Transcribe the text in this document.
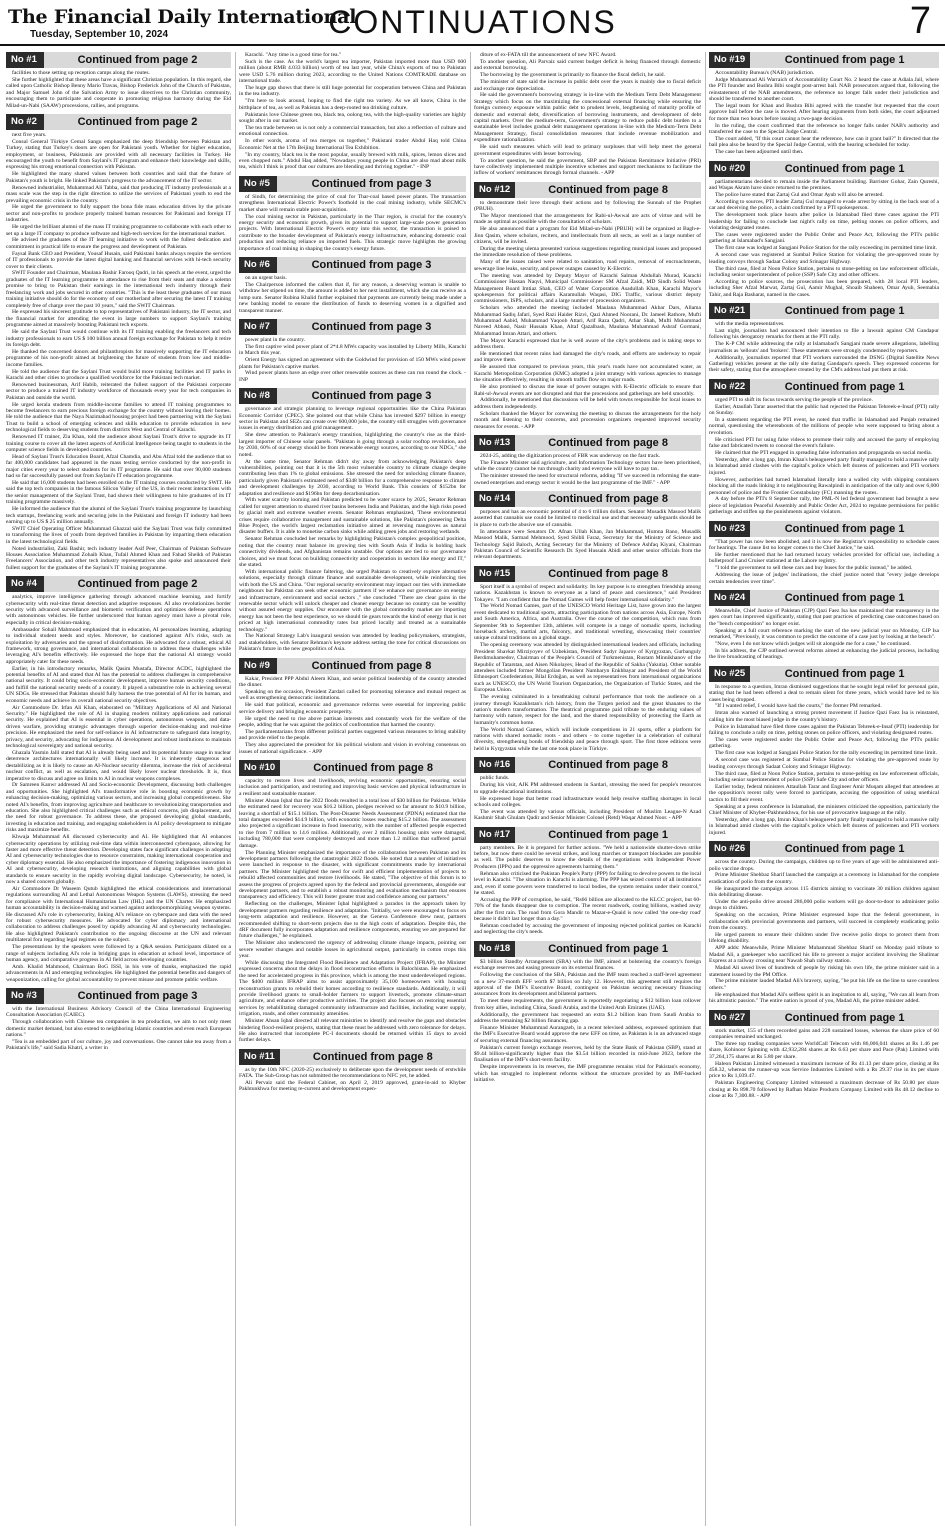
The Financial Daily International
Tuesday, September 10, 2024	CONTINUATIONS	7
No #1	Continued from page 2

facilities to those setting up reception camps along the routes.

She further highlighted that these areas have a significant Christian population. In this regard, she called upon Catholic Bishop Benny Mario Travas, Bishop Frederick John of the Church of Pakistan, and Major Samuel John of the Salvation Army to issue directives to the Christian community, encouraging them to participate and cooperate in promoting religious harmony during the Eid Milad-un-Nabi (SAAW) processions, rallies, and programs.

No #2	Continued from page 2

next five years.

Consul General Türkiye Cemal Sangu emphasized the deep friendship between Pakistan and Turkey, stating that Turkey's doors are open for Pakistani youth. Whether for higher education, employment, or business, Pakistanis are provided with all necessary facilities in Turkey. He encouraged the youth to benefit from Saylani's IT program and enhance their knowledge and skills, expressing his strong emotional connection with Pakistan.

He highlighted the many shared values between both countries and said that the future of Pakistan's youth is bright. He linked Pakistan's progress to the advancement of the IT sector.

Renowned industrialist, Muhammad Ali Tabba, said that producing IT industry professionals at a mass scale was the step in the right direction to utilize the services of Pakistani youth to end the prevailing economic crisis in the country.

He urged the government to fully support the bona fide mass education drives by the private sector and non-profits to produce properly trained human resources for Pakistani and foreign IT industries.

He urged the brilliant alumni of the mass IT training programme to collaborate with each other to set up a large IT company to produce software and high-tech services for the international market.

He advised the graduates of the IT learning initiative to work with the fullest dedication and commitment in practical life to ensure the progress and development of Pakistan.

Faysal Bank CEO and President, Yousaf Husain, said Pakistani banks always require the services of IT professionals to provide the latest digital banking and financial services with hi-tech security cover to their clients.

SWIT Founder and Chairman, Maulana Bashir Farooq Qadri, in his speech at the event, urged the graduates of the IT learning programme to attendance to rise from their seats and make a solemn promise to bring to Pakistan their earnings in the international tech industry through their freelancing work and jobs secured in other countries. "This is the least these graduates of our mass training initiative should do for the economy of our motherland after securing the latest IT training completely free of charge over the past 10 years," said the SWIT Chairman.

He expressed his sincerest gratitude to top representatives of Pakistani industry, the IT sector, and the financial market for attending the event in large numbers to support Saylani's training programme aimed at massively boosting Pakistani tech exports.

He said the Saylani Trust would continue with its IT training enabling the freelancers and tech industry professionals to earn US $ 100 billion annual foreign exchange for Pakistan to help it retire its foreign debt.

He thanked the concerned donors and philanthropists for massively supporting the IT education programme of his non-profit aimed at brightening the future of students from low and middle-income families.

He told the audience that the Saylani Trust would build more training facilities and IT parks in Karachi and other cities to produce a qualified workforce for the Pakistani tech market.

Renowned businessman, Arif Habib, reiterated the fullest support of the Pakistani corporate sector to produce a trained IT industry workforce of thousands every year for tech companies in Pakistan and outside the world.

He urged kerala students from middle-income families to attend IT training programmes to become freelancers to earn precious foreign exchange for the country without leaving their homes. He told the audience that the Naya Nazimabad housing project had been partnering with the Saylani Trust to build a school of emerging sciences and skills education to provide education in new technological fields to deserving students from districts West and Central of Karachi.

Renowned IT trainer, Zia Khan, told the audience about Saylani Trust's drive to upgrade its IT training course to cover all the latest aspects of Artificial Intelligence being taught to students in the computer science fields in developed countries.

Head of Saylani Trust's Education Board, Afzal Chamdia, and Abu Afzal told the audience that so far 400,000 candidates had appeared in the mass testing service conducted by the non-profit in major cities every year to select students for its IT programme. He said that over 90,000 students had so far successfully passed out from Saylani's IT education programme.

He said that 16,000 students had been enrolled on the IT training courses conducted by SWIT. He said the top tech companies in the famous Silicon Valley of the US, in their recent interactions with the senior management of the Saylani Trust, had shown their willingness to hire graduates of its IT training programme massively.

He informed the audience that the alumni of the Saylani Trust's training programme by launching tech startups, freelancing work and securing jobs in the Pakistani and foreign IT industry had been earning up to US $ 25 million annually.

SWIT Chief Operating Officer Muhammad Ghazzal said the Saylani Trust was fully committed to transforming the lives of youth from deprived families in Pakistan by imparting them education in the latest technological fields.

Noted industrialist, Zaki Bashir, tech industry leader Asif Peer, Chairman of Pakistan Software Houses Association Muhammad Zohaib Khan, Tufail Ahmed Khan and Fahad Sheikh of Pakistan Freelancers' Association, and other tech industry representatives also spoke and announced their fullest support for the graduates of the Saylani's IT training programme.

No #4	Continued from page 2

analytics, improve intelligence gathering through advanced machine learning, and fortify cybersecurity with real-time threat detection and adaptive responses. AI also revolutionizes border security with advanced surveillance and biometric verification and optimizes defense operations with autonomous vehicles. He further underscored that human agency must have a pivotal role, especially in critical decision-making.

Ambassador Sohail Mahmood emphasized that in education, AI personalizes learning, adapting to individual student needs and styles. Moreover, he cautioned against AI's risks, such as exploitation by adversaries and the spread of disinformation. He advocated for a robust, ethical AI framework, strong governance, and international collaboration to address these challenges while leveraging AI's benefits effectively. He expressed the hope that the national AI strategy would appropriately cater for these needs.

Earlier, in his introductory remarks, Malik Qasim Mustafa, Director ACDC, highlighted the potential benefits of AI and stated that AI has the potential to address challenges in comprehensive national security. It could bring socio-economic development, improve human security conditions, and fulfill the national security needs of a country. It played a substantive role in achieving several UN SDGs. He stressed that Pakistan should fully harness the true potential of AI for its human, and economic needs and achieve its overall national security objectives.

Air Commodore Dr. Irfan Ali Khan, elaborated on "Military Applications of AI and National Security." He highlighted the role of AI in shaping modern military applications and national security. He explained that AI is essential in cyber operations, autonomous weapons, and data-driven warfare, providing strategic advantages through superior decision-making and real-time precision. He emphasized the need for self-reliance in AI infrastructure to safeguard data integrity, privacy, and security, advocating for indigenous AI development and robust institutions to maintain technological sovereignty and national security.

Ghazala Yasmin Jalil stated that AI is already being used and its potential future usage in nuclear deterrence architectures internationally will likely increase. It is inherently dangerous and destabilizing as it is likely to cause an AI-Nuclear security dilemma, increase the risk of accidental nuclear conflict, as well as escalation, and would likely lower nuclear thresholds. It is, thus imperative to discuss and agree on limits to AI in nuclear weapons complexes.

Dr Samreen Kanwr addressed AI and Socio-economic Development, discussing both challenges and opportunities. She highlighted AI's transformative role in boosting economic growth by enhancing decision-making, optimizing various sectors, and increasing global competitiveness. She noted AI's benefits, from improving agriculture and healthcare to revolutionizing transportation and education. She also highlighted critical challenges such as ethical concerns, job displacement, and the need for robust governance. To address these, she proposed developing global standards, investing in education and training, and engaging stakeholders in AI policy development to mitigate risks and maximize benefits.

Khwaja Muhammad Ali discussed cybersecurity and AI. He highlighted that AI enhances cybersecurity operations by utilizing real-time data within interconnected cyberspace, allowing for faster and more effective threat detection. Developing states face significant challenges in adopting AI and cybersecurity technologies due to resource constraints, making international cooperation and cyber diplomacy essential. He also emphasized the importance of fostering indigenous innovation in AI and cybersecurity, developing research institutions, and aligning capabilities with global standards to ensure security in the rapidly evolving digital landscape. Cybersecurity, he noted, is now a shared concern globally.

Air Commodore Dr Waseem Qutub highlighted the ethical considerations and international regulations surrounding AI and Lethal Autonomous Weapon Systems (LAWS), stressing the need for compliance with International Humanitarian Law (IHL) and the UN Charter. He emphasized human accountability in decision-making and warned against anthropomorphizing weapon systems. He discussed AI's role in cybersecurity, linking AI's reliance on cyberspace and data with the need for robust cybersecurity measures. He advocated for cyber diplomacy and international collaboration to address challenges posed by rapidly advancing AI and cybersecurity technologies. He also highlighted Pakistan's contribution to the ongoing discourse at the UN and relevant multilateral fora regarding legal regimes on the subject.

The presentations by the speakers were followed by a Q&A session. Participants dilated on a range of subjects including AI's role in bridging gaps in education at school level, importance of human agency, and comparative progress in AI field across developing countries.

Amb. Khalid Mahmood, Chairman BoG ISSI, in his vote of thanks, emphasized the rapid advancements in AI and emerging technologies. He highlighted the potential benefits and dangers of weaponization, calling for global accountability to prevent misuse and promote public welfare.

No #3	Continued from page 3

with the International Business Advisory Council of the China International Engineering Consultation Association (CAIEC).

Through collaboration with Chinese tea companies in tea production, we aim to not only meet domestic market demand, but also extend to neighboring Islamic countries and even reach European nations."

"Tea is an embedded part of our culture, joy and conversations. One cannot take tea away from a Pakistani's life," said Sadia Khatri, a writer in

Karachi. "Any time is a good time for tea."

Such is the case. As the world's largest tea importer, Pakistan imported more than USD 600 million (about RMB 4.033 billion) worth of tea last year, while China's exports of tea to Pakistan were USD 5.76 million during 2023, according to the United Nations COMTRADE database on international trade.

The huge gap shows that there is still huge potential for cooperation between China and Pakistan in the tea industry.

"I'm here to look around, hoping to find the right tea variety. As we all know, China is the birthplace of tea, as well as Pakistan has a deep-rooted tea drinking culture.

Pakistanis love Chinese green tea, black tea, oolong tea, with the high-quality varieties are highly sought after in our market.

The tea trade between us is not only a commercial transaction, but also a reflection of culture and emotional connection.

In other words, aroma of tea merges us together," Pakistani trader Abdul Haq told China Economic Net at the 17th Beijing International Tea Exhibition.

"In my country, black tea is the most popular, usually brewed with milk, spices, lemon slices and even chopped nuts." Abdul Haq added, "Nowadays young people in China are also mad about milk tea, which I think is proof that our cultures are blending and thriving together." - INP

No #5	Continued from page 3

of Sindh, for determining the price of coal for Thar-coal based power plants. The transaction strengthens International Electric Power's foothold in the coal mining industry, while SECMC's market share will remain stable post-acquisition.

The coal mining sector in Pakistan, particularly in the Thar region, is crucial for the country's energy security and economic growth, given its potential to support large-scale power generation projects. With International Electric Power's entry into this sector, the transaction is poised to contribute to the broader development of Pakistan's energy infrastructure, enhancing domestic coal production and reducing reliance on imported fuels. This strategic move highlights the growing importance of coal mining in shaping the country's energy future.

No #6	Continued from page 3

on an urgent basis.

The Chairperson informed the callers that if, for any reason, a deserving woman is unable to withdraw her stipend on time, the amount is added to her next installment, which she can receive as a lump sum. Senator Rubina Khalid further explained that payments are currently being made under a new banking model to ensure the distribution of funds to deserving women in a dignified and transparent manner.

No #7	Continued from page 3

power plant in the country.

The first captive wind power plant of 2*4.8 MWs capacity was installed by Liberty Mills, Karachi in March this year.

Orient Energy has signed an agreement with the Goldwind for provision of 150 MWs wind power plants for Pakistan's captive market.

Wind power plants have an edge over other renewable sources as these can run round the clock. - INP

No #8	Continued from page 3

governance and strategic planning to leverage regional opportunities like the China Pakistan Economic Corridor (CPEC). She pointed out that while China has invested $297 billion in energy sector in Pakistan and SEZs can create over 600,000 jobs, the country still struggles with governance issues in energy distribution and grid management.

She drew attention to Pakistan's energy transition, highlighting the country's rise as the third-largest importer of Chinese solar panels. "Pakistan is going through a solar rooftop revolution, and by 2030, 60% of our energy should be from renewable energy sources, according to our NDCs," she noted.

At the same time, Senator Rehman didn't shy away from acknowledging Pakistan's deep vulnerabilities, pointing out that it is the 5th most vulnerable country to climate change despite contributing less than 1% to global emissions. She stressed the need for unlocking climate finance, particularly given Pakistan's estimated need of $348 billion for a comprehensive response to climate and development challenges by 2030, according to World Bank. This consists of $152bn for adaptation and resilience and $196bn for deep decarbonisation.

With water scarcity looming and Pakistan predicted to be water scarce by 2025, Senator Rehman called for urgent attention to shared river basins between India and Pakistan, and the high risks posed by glacial melt and extreme weather events. Senator Rehman emphasized, 'These environmental crises require collaborative management and sustainable solutions, like Pakistan's pioneering Delta Blue Project, the world's largest reclamation initiative aimed at reversing mangroves as natural disaster buffers. It is able to monetise carbon sinks while adding green jobs and restoring wetlands.

Senator Rehman concluded her remarks by highlighting Pakistan's complex geopolitical position, noting that the country must balance its growing ties with South Asia if India is holding back connectivity dividends, and Afghanistan remains unstable. Our options are tied to our governance choices, and we must focus on building connectivity and cooperation in sectors like energy and IT," she stated.

With international public finance faltering, she urged Pakistan to creatively explore alternative solutions, especially through climate finance and sustainable development, while reinforcing ties with both the US and China. "Our regional security environment may impact our ties with immediate neighbours but Pakistan can seek other economic partners if we enhance our governance on energy and infrastructure, environment and social sectors ," she concluded "There are clear gains in the renewable sector which will unlock cheaper and cleaner energy because no country can be wealthy without assured energy supplies. Our encounter with the global commodity market are importing energy has not been the best experience, so we should tie gears towards the kind of energy that is not priced at high international commodity rates but priced locally and treated as a sustainable technology."

The National Strategy Lab's inaugural session was attended by leading policymakers, strategists, and stakeholders, with Senator Rehman's keynote address setting the tone for critical discussions on Pakistan's future in the new geopolitics of Asia.

No #9	Continued from page 8

Kakar, President PPP Abdul Aleem Khan, and senior political leadership of the country attended the dinner.

Speaking on the occasion, President Zardari called for promoting tolerance and mutual respect as well as strengthening democratic institutions.

He said that political, economic and governance reforms were essential for improving public service delivery and bringing economic prosperity.

He urged the need to rise above partisan interests and constantly work for the welfare of the people, adding that he was against the politics of confrontation that harmed the country.

The parliamentarians from different political parties suggested various measures to bring stability and provide relief to the people.

They also appreciated the president for his political wisdom and vision in evolving consensus on issues of national significance. - APP

No #10	Continued from page 8

capacity to restore lives and livelihoods, reviving economic opportunities, ensuring social inclusion and participation, and restoring and improving basic services and physical infrastructure in a resilient and sustainable manner.

Minister Ahsan Iqbal that the 2022 floods resulted in a total loss of $30 billion for Pakistan. While the estimated need for recovery was $16.2 billion, pledges received so far amount to $10.9 billion, leaving a shortfall of $15.1 billion. The Post-Disaster Needs Assessment (PDNA) estimated that the total damages exceeded $14.9 billion, with economic losses reaching $15.2 billion. The assessment also projected a significant increase in food insecurity, with the number of affected people expected to rise from 7 million to 14.6 million. Additionally, over 2 million housing units were damaged, including 780,000 that were completely destroyed and more than 1.2 million that suffered partial damage.

The Planning Minister emphasized the importance of the collaboration between Pakistan and its development partners following the catastrophic 2022 floods. He noted that a number of initiatives were launched in response to the disaster, with significant commitments made by international partners. The Minister highlighted the need for swift and efficient implementation of projects to rebuild affected communities and restore livelihoods. He stated, "The objective of this forum is to assess the progress of projects agreed upon by the federal and provincial governments, alongside our development partners, and to establish a robust monitoring and evaluation mechanism that ensures transparency and efficiency. This will foster greater trust and confidence among our partners."

Reflecting on the challenges, Minister Iqbal highlighted a paradox in the approach taken by development partners regarding resilience and adaptation. "Initially, we were encouraged to focus on long-term adaptation and resilience. However, as the Geneva Conference drew near, partners recommended shifting to short-term projects due to the high costs of adaptation. Despite this, the 4RF document fully incorporates adaptation and resilience components, ensuring we are prepared for future challenges," he explained.

The Minister also underscored the urgency of addressing climate change impacts, pointing out severe weather changes and notable losses in agricultural output, particularly in cotton crops this year.

While discussing the Integrated Flood Resilience and Adaptation Project (IFRAP), the Minister expressed concerns about the delays in flood reconstruction efforts in Balochistan. He emphasized the need for accelerated progress in this province, which is among the most underdeveloped regions. The $400 million IFRAP aims to assist approximately 35,100 homeowners with housing reconstruction grants to rebuild their homes according to resilience standards. Additionally, it will provide livelihood grants to small-holder farmers to support livestock, promote climate-smart agriculture, and enhance other productive activities. The project also focuses on restoring essential services by rehabilitating damaged community infrastructure and facilities, including water supply, irrigation, roads, and other community amenities.

Minister Ahsan Iqbal directed all relevant ministries to identify and resolve the gaps and obstacles hindering flood-resilient projects, stating that these must be addressed with zero tolerance for delays. He also instructed that incomplete PC-I documents should be returned within 15 days to avoid further delays.

No #11	Continued from page 8

as by the 10th NFC (2020-25) exclusively to deliberate upon the development needs of erstwhile FATA. The Sub-Group has not submitted the recommendations to NFC yet, he added.

Ali Pervaiz said the Federal Cabinet, on April 2, 2019 approved, grant-in-aid to Khyber Pakhtunkhwa for meeting re-current and development expen-

diture of ex-FATA till the announcement of new NFC Award.

To another question, Ali Parvaiz said current budget deficit is being financed through domestic and external borrowing.

The borrowing by the government is primarily to finance the fiscal deficit, he said.

The minister of state said the increase in public debt over the years is mainly due to fiscal deficit and exchange rate depreciation.

He said the government's borrowing strategy is in-line with the Medium Term Debt Management Strategy which focus on the maximizing the concessional external financing while ensuring the foreign currency exposure within public debt to prudent levels, lengthening of maturity profile of domestic and external debt, diversification of borrowing instruments, and development of debt capital markets. Over the medium-term, Government's strategy to reduce public debt burden to a sustainable level includes gradual debt management operations in-line with the Medium-Term Debt Management Strategy, fiscal consolidation measures that include revenue mobilization and expenditure rationalization.

He said such measures which will lead to primary surpluses that will help meet the general government expenditures with lesser borrowing.

To another question, he said the government, SBP and the Pakistan Remittance Initiative (PRI) have collectively implemented multiple incentive schemes and support mechanisms to facilitate the inflow of workers' remittances through formal channels. - APP

No #12	Continued from page 8

to demonstrate their love through their actions and by following the Sunnah of the Prophet (PBUH).

The Mayor mentioned that the arrangements for Rabi-ul-Awwal are acts of virtue and will be made as optimal as possible with the consultation of scholars.

He also announced that a program for Eid Milad-un-Nabi (PBUH) will be organized at Bagh-e-Jinn Qasim, where scholars, reciters, and intellectuals from all sects, as well as a large number of citizens, will be invited.

During the meeting ulema presented various suggestions regarding municipal issues and proposed the immediate resolution of these problems.

Many of the issues raised were related to sanitation, road repairs, removal of encroachments, sewerage line leaks, security, and power outages caused by K-Electric.

The meeting was attended by Deputy Mayor of Karachi Salman Abdullah Murad, Karachi Commissioner Hassan Naqvi, Municipal Commissioner SM Afzal Zaidi, MD Sindh Solid Waste Management Board Imtiaz Shah, CEO of Water Corporation Asadullah Khan, Karachi Mayor's spokesperson for political affairs Karamullah Waqasi, DIG Traffic, various district deputy commissioners, ISPS, scholars, and a large number of procession organizers.

Scholars who attended the meeting included Maulana Muhammad Akbar Dars, Allama Muhammad Sadiq Jafari, Syed Razi Haider Rizvi, Qazi Ahmed Noorani, Dr. Jameel Rathore, Mufti Muhammad Aabid, Muhammad Yaqoob Attari, Arif Raza Qadri, Athar Shah, Mufti Muhammad Naveed Abbasi, Nasir Hussain Khan, Altaf Qazalbash, Maulana Muhammad Ashraf Gormani, Muhammad Imran Attari, and others.

The Mayor Karachi expressed that he is well aware of the city's problems and is taking steps to address them.

He mentioned that recent rains had damaged the city's roads, and efforts are underway to repair and improve them.

He assured that compared to previous years, this year's roads have not accumulated water, as Karachi Metropolitan Corporation (KMC) adopted a joint strategy with various agencies to manage the situation effectively, resulting in smooth traffic flow on major roads.

He also promised to discuss the issue of power outages with K-Electric officials to ensure that Rabi-ul-Awwal events are not disrupted and that the processions and gatherings are held smoothly.

Additionally, he mentioned that discussions will be held with towns responsible for local issues to address them independently.

Scholars thanked the Mayor for convening the meeting to discuss the arrangements for the holy month and listening to their concerns, and procession organizers requested improved security measures for events. - APP

No #13	Continued from page 8

2024-25, adding the digitization process of FBR was underway on the fast track.

The Finance Minister said agriculture, and Information Technology sectors have been prioritised, while the country cannot be run through charity and everyone will have to pay tax.

The minister stressed the need for structural reforms, adding "If we succeed in reforming the state-owned enterprises and energy sector it would be the last programme of the IMF." - APP

No #14	Continued from page 8

purposes and has an economic potential of 4 to 6 trillion dollars. Senator Musadik Masood Malik asserted that cannabis use could be limited to medicinal use and that necessary safeguards should be in place to curb the abusive use of cannabis.

In attendance were Senators Dr. Afnan Ullah Khan, Jan Muhammad, Humna Bano, Musadik Masood Malik, Sarmad Mehmood, Syed Shibli Faraz, Secretary for the Ministry of Science and Technology Sajid Baloch, Acting Secretary for the Ministry of Defence Ashfaq Kiyani, Chairman Pakistan Council of Scientific Research Dr. Syed Hussain Abidi and other senior officials from the relevant departments.

No #15	Continued from page 8

Sport itself is a symbol of respect and solidarity. Its key purpose is to strengthen friendship among nations. Kazakhstan is known to everyone as a land of peace and coexistence," said President Tokayev. "I am confident that the Nomad Games will help foster international solidarity."

The World Nomad Games, part of the UNESCO World Heritage List, have grown into the largest event dedicated to traditional sports, attracting participation from nations across Asia, Europe, North and South America, Africa, and Australia. Over the course of the competition, which runs from September 9th to September 13th, athletes will compete in a range of nomadic sports, including horseback archery, martial arts, falconry, and traditional wrestling, showcasing their countries' unique cultural traditions on a global stage.

The opening ceremony was attended by distinguished international leaders and officials, including President Shavkat Mirziyoyev of Uzbekistan, President Sadyr Japarov of Kyrgyzstan, Gurbanguly Berdimuhamedov, Chairman of the People's Council of Turkmenistan, Rustam Minnikhanov of the Republic of Tatarstan, and Aisen Nikolayev, Head of the Republic of Sakha (Yakutia). Other notable attendees included former Mongolian President Nambaryn Enkhbayar and President of the World Ethnosport Confederation, Bilal Erdoğan, as well as representatives from international organizations such as UNESCO, the UN World Tourism Organization, the Organization of Turkic States, and the European Union.

The evening culminated in a breathtaking cultural performance that took the audience on a journey through Kazakhstan's rich history, from the Turgen period and the great khanates to the nation's modern transformation. The theatrical programme paid tribute to the enduring values of harmony with nature, respect for the land, and the shared responsibility of protecting the Earth as humanity's common home.

The World Nomad Games, which will include competitions in 21 sports, offer a platform for nations with shared nomadic roots - and others - to come together in a celebration of cultural diversity, strengthening bonds of friendship and peace through sport. The first three editions were held in Kyrgyzstan while the last one took place in Türkiye.

No #16	Continued from page 8

public funds.

During his visit, AJK PM addressed students in Sardari, stressing the need for people's resources to upgrade educational institutions.

He expressed hope that better road infrastructure would help resolve staffing shortages in local schools and colleges.

The event was attended by various officials, including President of Muslim League-N Azad Kashmir Shah Ghulam Qadir and Senior Minister Colonel (Retd) Waqar Ahmed Noor. - APP

No #17	Continued from page 1

party members. Be it is prepared for further actions. "We held a nationwide shutter-down strike before, but now there could be several strikes, and long marches or transport blockades are possible as well. The public deserves to know the details of the negotiations with Independent Power Producers (IPPs) and the oppressive agreements harming them."

Rehman also criticised the Pakistan People's Party (PPP) for failing to devolve powers to the local level in Karachi. "The situation in Karachi is alarming. The PPP has seized control of all institutions and, even if some powers were transferred to local bodies, the system remains under their control," he stated.

Accusing the PPP of corruption, he said, "Rs66 billion are allocated to the KLCC project, but 60-70% of the funds disappear due to corruption. The recent roadwork, costing billions, washed away after the first rain. The road from Gora Mandir to Mazar-e-Quaid is now called 'the one-day road' because it didn't last longer than a day."

Rehman concluded by accusing the government of imposing rejected political parties on Karachi and neglecting the city's needs.

No #18	Continued from page 1

$3 billion Standby Arrangement (SBA) with the IMF, aimed at bolstering the country's foreign exchange reserves and easing pressure on its external finances.

Following the conclusion of the SBA, Pakistan and the IMF team reached a staff-level agreement on a new 37-month EFF worth $7 billion on July 12. However, this agreement still requires the approval of the IMF's Executive Board, contingent on Pakistan securing necessary financing assurances from its development and bilateral partners.

To meet these requirements, the government is reportedly negotiating a $12 billion loan rollover from key allies, including China, Saudi Arabia, and the United Arab Emirates (UAE).

Additionally, the government has requested an extra $1.2 billion loan from Saudi Arabia to address the remaining $2 billion financing gap.

Finance Minister Muhammad Aurangzeb, in a recent televised address, expressed optimism that the IMF's Executive Board would approve the new EFF on time, as Pakistan is in an advanced stage of securing external financing assurances.

Pakistan's current foreign exchange reserves, held by the State Bank of Pakistan (SBP), stand at $9.44 billion-significantly higher than the $3.54 billion recorded in mid-June 2023, before the finalisation of the IMF's short-term facility.

Despite improvements in its reserves, the IMF programme remains vital for Pakistan's economy, which has struggled to implement reforms without the structure provided by an IMF-backed initiative.

No #19	Continued from page 1

Accountability Bureau's (NAB) jurisdiction.

Judge Muhammad Ali Warraich of Accountability Court No. 2 heard the case at Adiala Jail, where the PTI founder and Bushra Bibi sought post-arrest bail. NAB prosecutors argued that, following the reinstatement of the NAB amendments, the reference no longer falls under their jurisdiction and should be transferred to another court.

The legal team for Khan and Bushra Bibi agreed with the transfer but requested that the court approve bail before the case is moved. After hearing arguments from both sides, the court adjourned for more than two hours before issuing a two-page decision.

In the ruling, the court confirmed that the reference no longer falls under NAB's authority and transferred the case to the Special Judge Central.

The court added, "If this court cannot hear the reference, how can it grant bail?" It directed that the bail plea also be heard by the Special Judge Central, with the hearing scheduled for today.

The case has been adjourned until then.

No #20	Continued from page 1

parliamentarians decided to remain inside the Parliament building. Barrister Gohar, Zain Qureshi, and Waqas Akram have since returned to the premises.

The police have stated that Zartaj Gul and Omar Ayub will also be arrested.

According to sources, PTI leader Zartaj Gul managed to evade arrest by sitting in the back seat of a car and deceiving the police, a claim confirmed by a PTI spokesperson.

The development took place hours after police in Islamabad filed three cases against the PTI leadership for failing to conclude last night's rally on time, pelting stones on police officers, and violating designated routes.

The cases were registered under the Public Order and Peace Act, following the PTI's public gathering at Islamabad's Sangjani.

The first case was lodged at Sangjani Police Station for the rally exceeding its permitted time limit.

A second case was registered at Sumbal Police Station for violating the pre-approved route by leading convoys through Sadaat Colony and Srinagar Highway.

The third case, filed at Noon Police Station, pertains to stone-pelting on law enforcement officials, including senior superintendent of police (SSP) Safe City and other officers.

According to police sources, the prosecution has been prepared, with 28 local PTI leaders, including Sher Afzal Marwat, Zartaj Gul, Aamir Mughal, Shoaib Shaheen, Omar Ayub, Seemabia Tahir, and Raja Basharat, named in the cases.

No #21	Continued from page 1

with the media representatives.

Last night, journalists had announced their intention to file a lawsuit against CM Gandapur following his derogatory remarks for them at the PTI rally.

The K-P CM while addressing the rally at Islamabad's Sangjani made severe allegations, labelling journalists as 'sellouts' and 'brokers'. These statements were strongly condemned by reporters.

Additionally, journalists reported that PTI workers surrounded the DSNG (Digital Satellite News Gathering) vehicles present at the rally site during Gandapur's speech. They expressed concerns for their safety, stating that the atmosphere created by the CM's address had put them at risk.

No #22	Continued from page 1

urged PTI to shift its focus towards serving the people of the province.

Earlier, Ataullah Tarar asserted that the public had rejected the Pakistan Tehreek-e-Insaf (PTI) rally on Sunday.

In a statement regarding the PTI event, he noted that traffic in Islamabad and Punjab remained normal, questioning the whereabouts of the millions of people who were supposed to bring about a revolution.

He criticised PTI for using false videos to promote their rally and accused the party of employing false and fabricated tweets to conceal the event's failure.

He claimed that the PTI engaged in spreading false information and propaganda on social media.

Yesterday, after a long gap, Imran Khan's beleaguered party finally managed to hold a massive rally in Islamabad amid clashes with the capital's police which left dozens of policemen and PTI workers injured.

However, authorities had turned Islamabad literally into a walled city with shipping containers blocking all the roads linking it to neighbouring Rawalpindi in anticipation of the rally and over 6,000 personnel of police and the Frontier Constabulary (FC) manning the routes.

A day before the PTI's 8 September rally, the PML-N led federal government had brought a new piece of legislation Peaceful Assembly and Public Order Act, 2024 to regulate permissions for public gatherings and stiffen up the punishments against violators.

No #23	Continued from page 1

"That power has now been abolished, and it is now the Registrar's responsibility to schedule cases for hearings. The cause list no longer comes to the Chief Justice," he said.

He further mentioned that he had returned luxury vehicles provided for official use, including a bulletproof Land Cruiser stationed at the Lahore registry.

"I told the government to sell these cars and buy buses for the public instead," he added.

Addressing the issue of judges' inclinations, the chief justice noted that "every judge develops certain tendencies over time".

No #24	Continued from page 1

Meanwhile, Chief Justice of Pakistan (CJP) Qazi Faez Isa has maintained that transparency in the apex court has improved significantly, stating that past practices of predicting case outcomes based on the "bench composition" no longer exist.

Speaking at a full court reference marking the start of the new judicial year on Monday, CJP Isa remarked, "Previously, it was common to predict the outcome of a case just by looking at the bench".

"Now, even I do not know which judges will sit alongside me for a case," he continued.

In his address, the CJP outlined several reforms aimed at enhancing the judicial process, including the live broadcasting of hearings.

No #25	Continued from page 1

In response to a question, Imran dismissed suggestions that he sought legal relief for personal gain, stating that he had been offered a deal to remain silent for three years, which would have led to his cases being dropped.

"If I wanted relief, I would have had the courts," the former PM remarked.

Imran also warned of launching a strong protest movement if Justice Qazi Faez Isa is reinstated, calling him the most biased judge in the country's history.

Police in Islamabad have filed three cases against the Pakistan Tehreek-e-Insaf (PTI) leadership for failing to conclude a rally on time, pelting stones on police officers, and violating designated routes.

The cases were registered under the Public Order and Peace Act, following the PTI's public gathering.

The first case was lodged at Sangjani Police Station for the rally exceeding its permitted time limit.

A second case was registered at Sumbal Police Station for violating the pre-approved route by leading convoys through Sadaat Colony and Srinagar Highway.

The third case, filed at Noon Police Station, pertains to stone-pelting on law enforcement officials, including senior superintendent of police (SSP) Safe City and other officers.

Earlier today, federal ministers Attaullah Tarar and Engineer Amir Muqam alleged that attendees at the opposition's recent rally were forced to participate, accusing the opposition of using unethical tactics to fill their event.

Speaking at a press conference in Islamabad, the ministers criticized the opposition, particularly the Chief Minister of Khyber-Pakhtunkhwa, for his use of provocative language at the rally.

Yesterday, after a long gap, Imran Khan's beleaguered party finally managed to hold a massive rally in Islamabad amid clashes with the capital's police which left dozens of policemen and PTI workers injured.

No #26	Continued from page 1

across the country. During the campaign, children up to five years of age will be administered anti-polio vaccine drops.

Prime Minister Shehbaz Sharif launched the campaign at a ceremony in Islamabad for the complete eradication of polio from the country.

He inaugurated the campaign across 115 districts aiming to vaccinate 30 million children against this debilitating disease.

Under the anti-polio drive around 286,000 polio workers will go door-to-door to administer polio drops to children.

Speaking on the occasion, Prime Minister expressed hope that the federal government, in collaboration with provincial governments and partners, will succeed in completely eradicating polio from the country.

He urged parents to ensure their children under five receive polio drops to protect them from lifelong disability.

APP adds: Meanwhile, Prime Minister Muhammad Shehbaz Sharif on Monday paid tribute to Madad Ali, a gatekeeper who sacrificed his life to prevent a major accident involving the Shalimar Express at a railway crossing near Nawab Shah railway station.

Madad Ali saved lives of hundreds of people by risking his own life, the prime minister said in a statement issued by the PM Office.

The prime minister lauded Madad Ali's bravery, saying, "he put his life on the line to save countless others."

He emphasized that Madad Ali's selfless spirit is an inspiration to all, saying, "We can all learn from his altruistic passion." The entire nation is proud of you, Madad Ali, the prime minister added.

No #27	Continued from page 1

stock market, 155 of them recorded gains and 228 sustained losses, whereas the share price of 60 companies remained unchanged.

The three top trading companies were WorldCall Telecom with 86,006,041 shares at Rs 1.46 per share, Kohinoor Spinning with 42,932,284 shares at Rs 6.63 per share and Pace (Pak) Limited with 37,264,175 shares at Rs 5.80 per share.

Haleon Pakistan Limited witnessed a maximum increase of Rs 41.13 per share price, closing at Rs 458.32, whereas the runner-up was Service Industries Limited with a Rs 29.37 rise in its per share price to Rs 1,039.47.

Pakistan Engineering Company Limited witnessed a maximum decrease of Rs 50.80 per share closing at Rs 898.70 followed by Rafhan Maize Products Company Limited with Rs 48.12 decline to close at Rs 7,300.88. - APP
